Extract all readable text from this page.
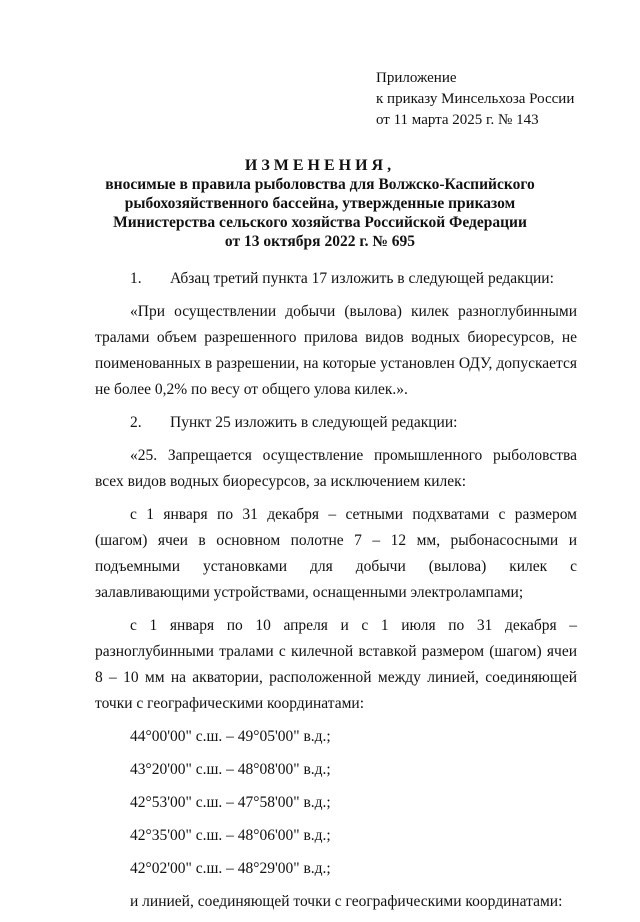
Приложение
к приказу Минсельхоза России
от 11 марта 2025 г. № 143
ИЗМЕНЕНИЯ,
вносимые в правила рыболовства для Волжско-Каспийского
рыбохозяйственного бассейна, утвержденные приказом
Министерства сельского хозяйства Российской Федерации
от 13 октября 2022 г. № 695

1. Абзац третий пункта 17 изложить в следующей редакции:

«При осуществлении добычи (вылова) килек разноглубинными тралами объем разрешенного прилова видов водных биоресурсов, не поименованных в разрешении, на которые установлен ОДУ, допускается не более 0,2% по весу от общего улова килек.».

2. Пункт 25 изложить в следующей редакции:

«25. Запрещается осуществление промышленного рыболовства всех видов водных биоресурсов, за исключением килек:

с 1 января по 31 декабря – сетными подхватами с размером (шагом) ячеи в основном полотне 7 – 12 мм, рыбонасосными и подъемными установками для добычи (вылова) килек с залавливающими устройствами, оснащенными электролампами;

с 1 января по 10 апреля и с 1 июля по 31 декабря – разноглубинными тралами с килечной вставкой размером (шагом) ячеи 8 – 10 мм на акватории, расположенной между линией, соединяющей точки с географическими координатами:

44°00'00" с.ш. – 49°05'00" в.д.;
43°20'00" с.ш. – 48°08'00" в.д.;
42°53'00" с.ш. – 47°58'00" в.д.;
42°35'00" с.ш. – 48°06'00" в.д.;
42°02'00" с.ш. – 48°29'00" в.д.;

и линией, соединяющей точки с географическими координатами:
